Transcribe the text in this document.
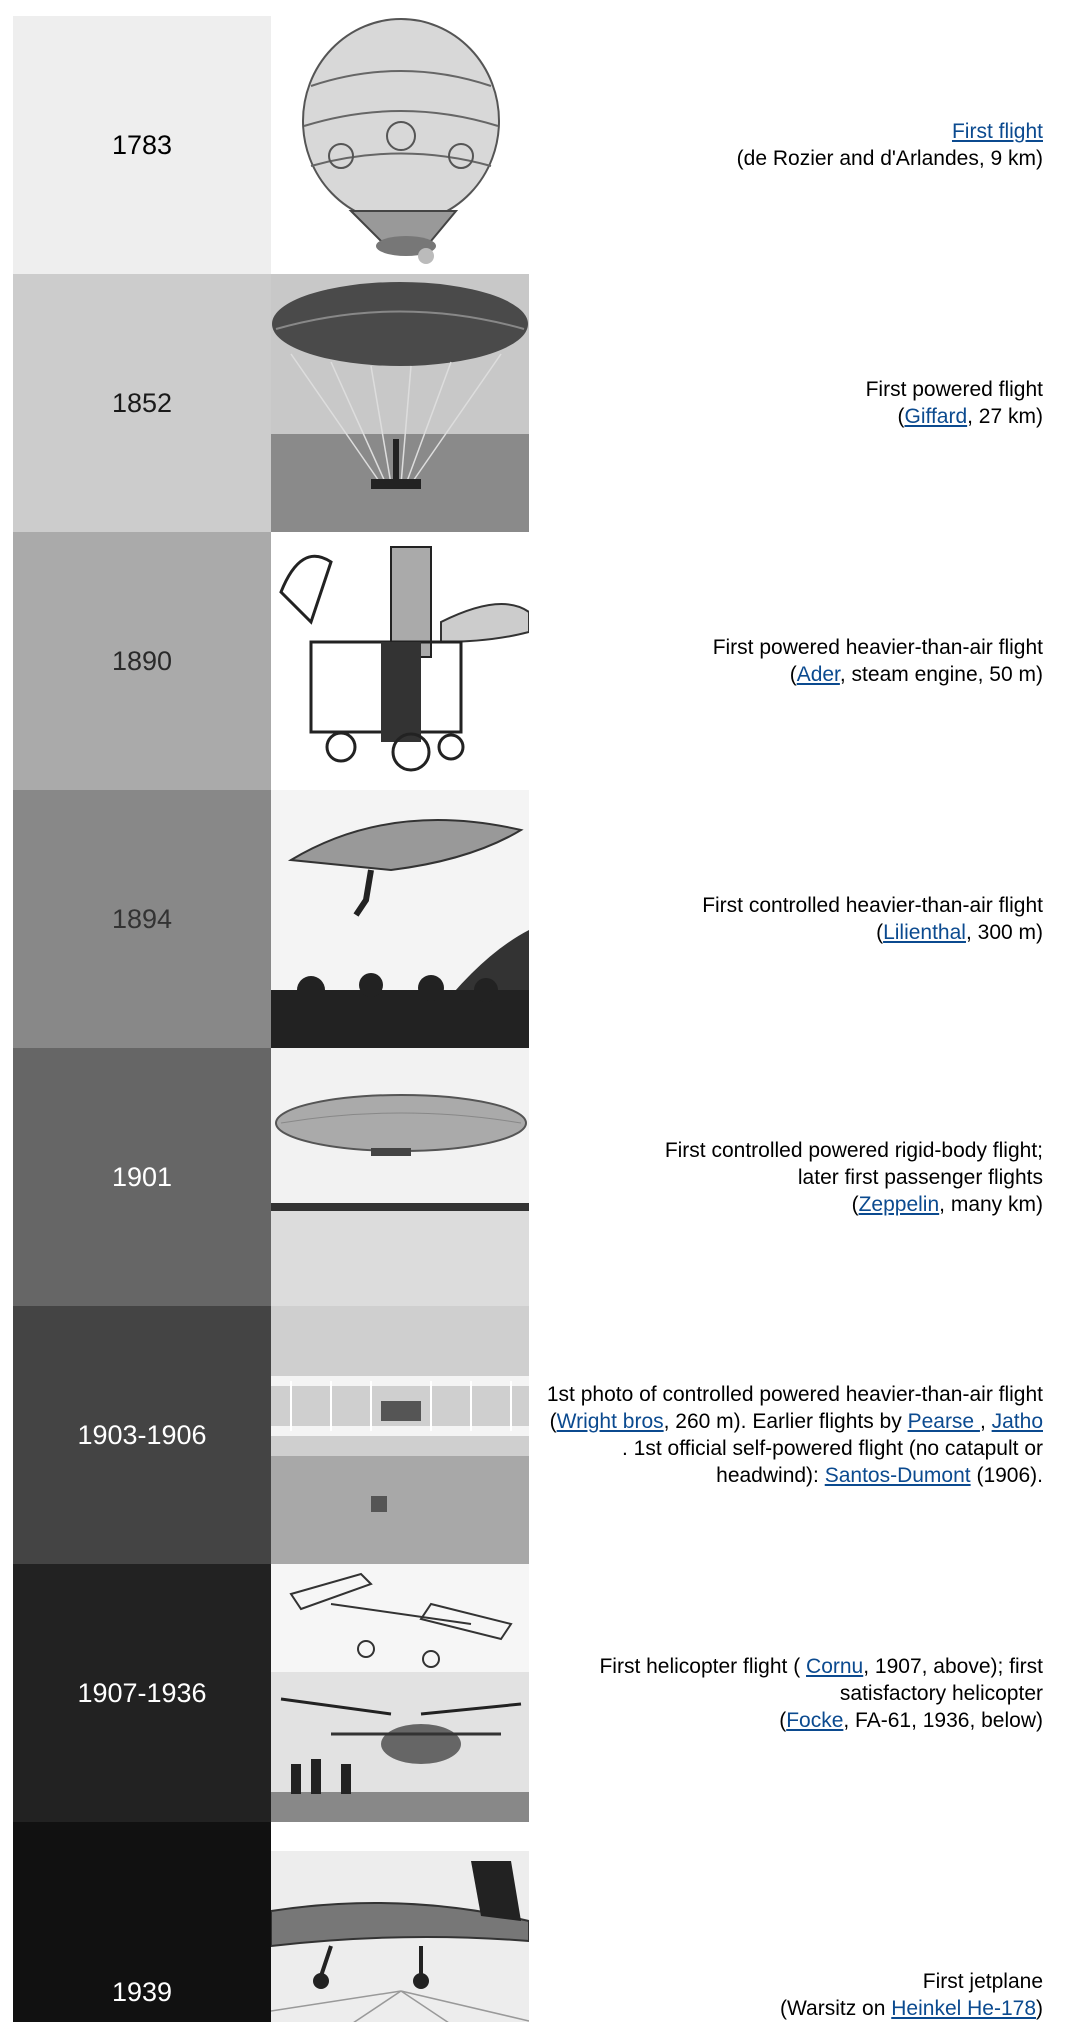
1783	First flight
(de Rozier and d'Arlandes, 9 km)
1852	First powered flight
(Giffard, 27 km)
1890	First powered heavier-than-air flight
(Ader, steam engine, 50 m)
1894	First controlled heavier-than-air flight
(Lilienthal, 300 m)
1901
First controlled powered rigid-body flight;
later first passenger flights
(Zeppelin, many km)
1903-1906
1st photo of controlled powered heavier-than-air flight (Wright bros, 260 m). Earlier flights by Pearse , Jatho . 1st official self-powered flight (no catapult or headwind): Santos-Dumont (1906).
1907-1936
First helicopter flight ( Cornu, 1907, above); first satisfactory helicopter
(Focke, FA-61, 1936, below)
1939	First jetplane
(Warsitz on Heinkel He-178)
